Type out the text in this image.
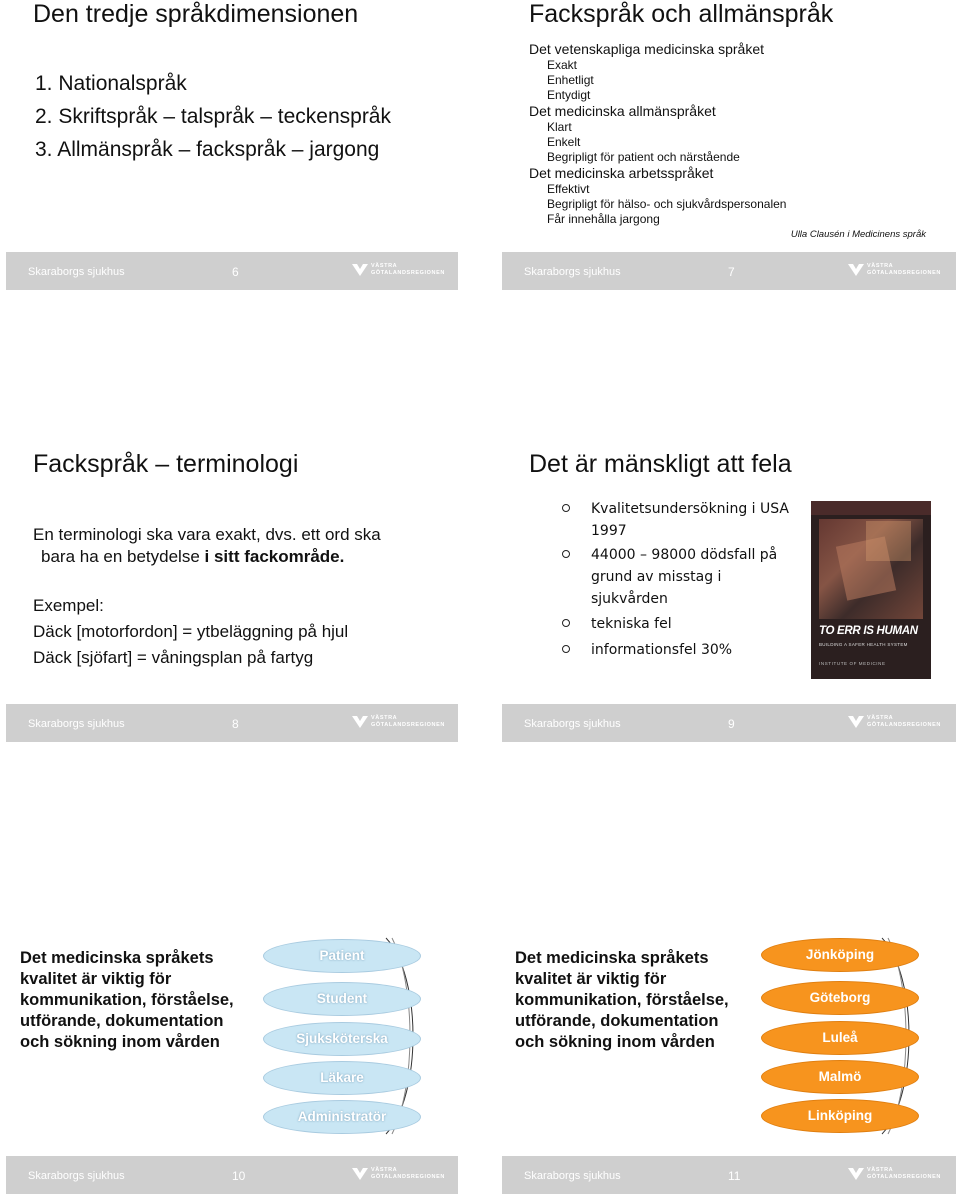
Den tredje språkdimensionen
1. Nationalspråk
2. Skriftspråk – talspråk – teckenspråk
3. Allmänspråk – fackspråk – jargong
Skaraborgs sjukhus	6	VÄSTRA
GÖTALANDSREGIONEN
Fackspråk och allmänspråk
Det vetenskapliga medicinska språket
Exakt
Enhetligt
Entydigt
Det medicinska allmänspråket
Klart
Enkelt
Begripligt för patient och närstående
Det medicinska arbetsspråket
Effektivt
Begripligt för hälso- och sjukvårdspersonalen
Får innehålla jargong
Ulla Clausén i Medicinens språk
Skaraborgs sjukhus	7	VÄSTRA
GÖTALANDSREGIONEN
Fackspråk – terminologi
En terminologi ska vara exakt, dvs. ett ord ska
bara ha en betydelse i sitt fackområde.
Exempel:
Däck [motorfordon] = ytbeläggning på hjul
Däck [sjöfart] = våningsplan på fartyg
Skaraborgs sjukhus	8	VÄSTRA
GÖTALANDSREGIONEN
Det är mänskligt att fela
Kvalitetsundersökning i USA
1997
44000 – 98000 dödsfall på
grund av misstag i
sjukvården
tekniska fel
informationsfel 30%
TO ERR IS HUMAN
BUILDING A SAFER HEALTH SYSTEM
INSTITUTE OF MEDICINE
Skaraborgs sjukhus	9	VÄSTRA
GÖTALANDSREGIONEN
Det medicinska språkets
kvalitet är viktig för
kommunikation, förståelse,
utförande, dokumentation
och sökning inom vården
Patient
Student
Sjuksköterska
Läkare
Administratör
Skaraborgs sjukhus	10	VÄSTRA
GÖTALANDSREGIONEN
Det medicinska språkets
kvalitet är viktig för
kommunikation, förståelse,
utförande, dokumentation
och sökning inom vården
Jönköping
Göteborg
Luleå
Malmö
Linköping
Skaraborgs sjukhus	11	VÄSTRA
GÖTALANDSREGIONEN
